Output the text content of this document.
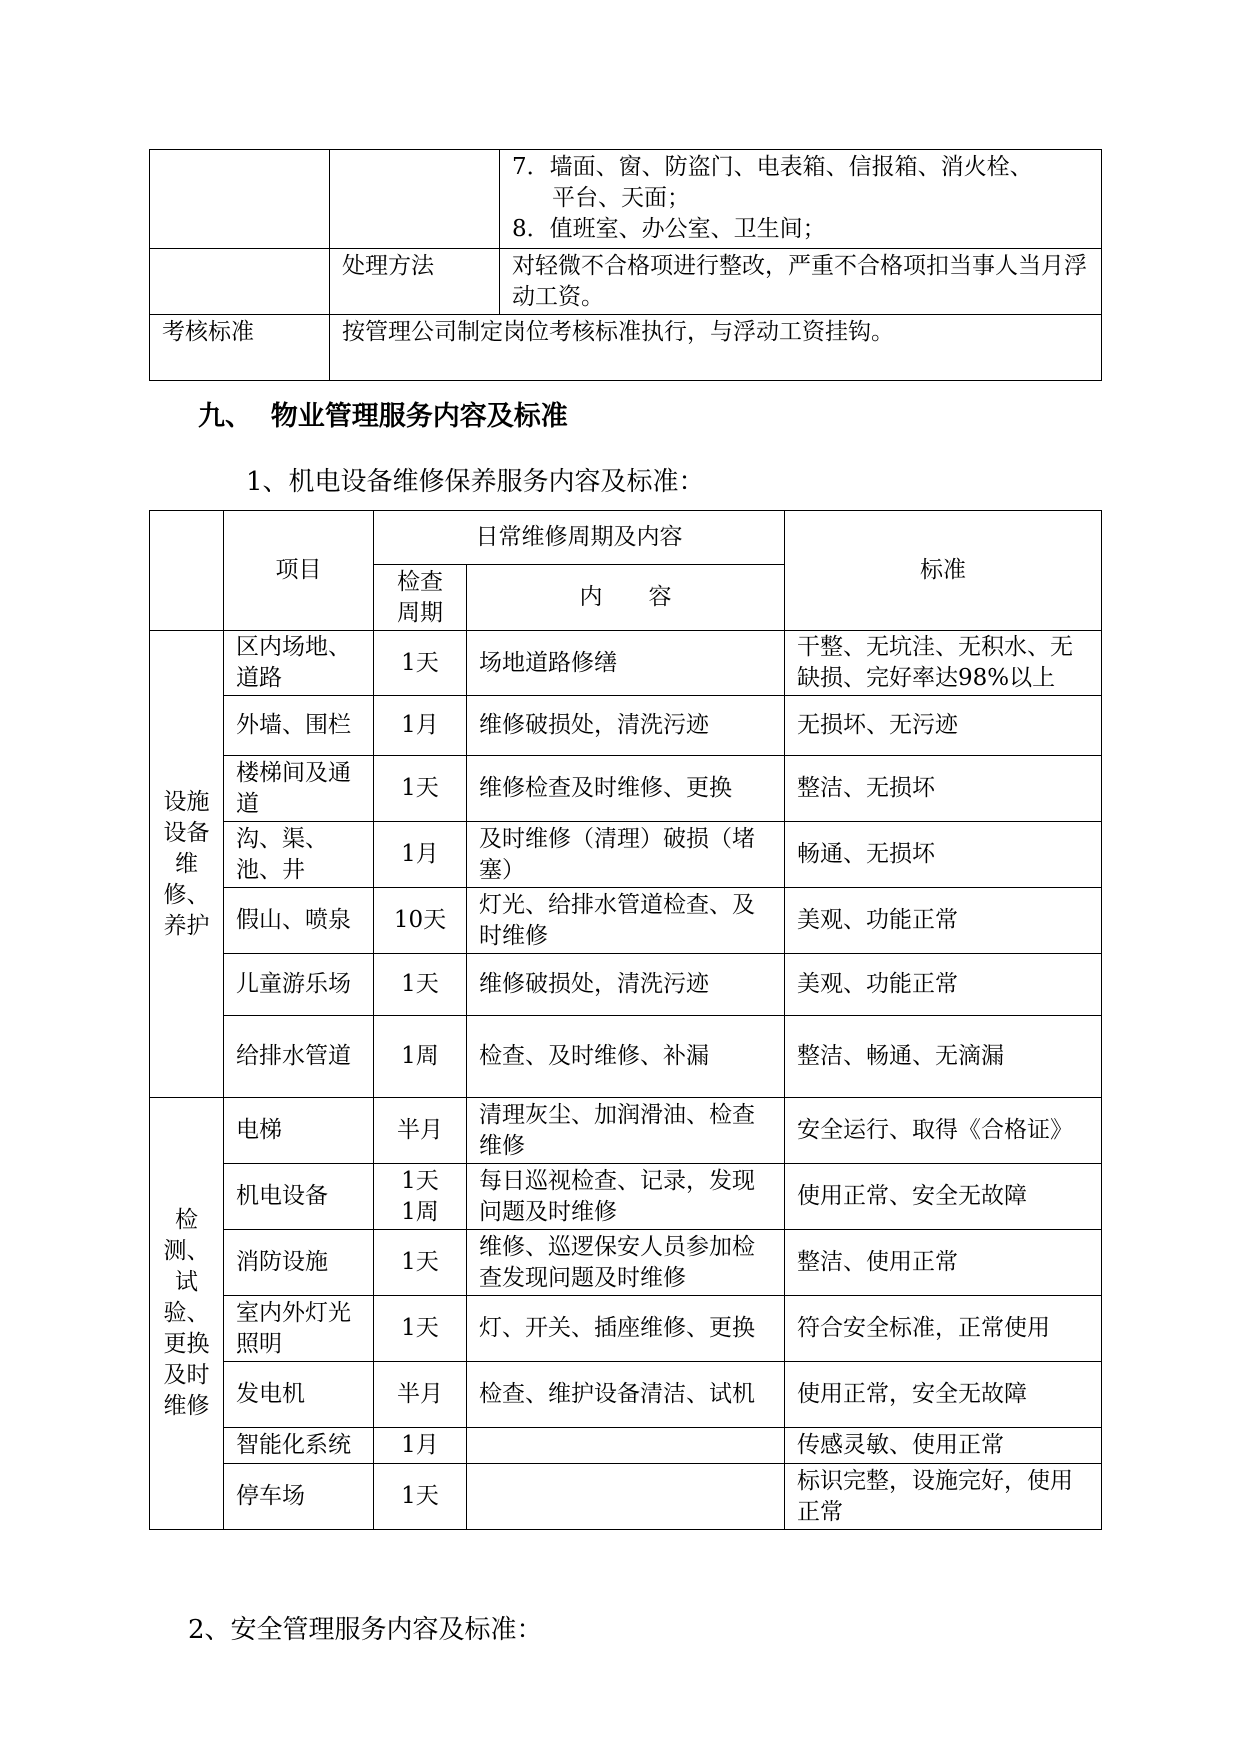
		7．墙面、窗、防盗门、电表箱、信报箱、消火栓、
平台、天面；
8．值班室、办公室、卫生间；

	处理方法	对轻微不合格项进行整改，严重不合格项扣当事人当月浮动工资。
考核标准	按管理公司制定岗位考核标准执行，与浮动工资挂钩。	
九、  物业管理服务内容及标准

1、机电设备维修保养服务内容及标准：

	项目	日常维修周期及内容		标准
		检查周期	内　　容	
设施设备维修、养护	区内场地、道路	1天	场地道路修缮	干整、无坑洼、无积水、无缺损、完好率达98%以上
	外墙、围栏	1月	维修破损处，清洗污迹	无损坏、无污迹
	楼梯间及通道	1天	维修检查及时维修、更换	整洁、无损坏
	沟、渠、池、井	1月	及时维修（清理）破损（堵塞）	畅通、无损坏
	假山、喷泉	10天	灯光、给排水管道检查、及时维修	美观、功能正常
	儿童游乐场	1天	维修破损处，清洗污迹	美观、功能正常
	给排水管道	1周	检查、及时维修、补漏	整洁、畅通、无滴漏
检测、试验、更换及时维修	电梯	半月	清理灰尘、加润滑油、检查维修	安全运行、取得《合格证》
	机电设备	1天 1周	每日巡视检查、记录，发现问题及时维修	使用正常、安全无故障
	消防设施	1天	维修、巡逻保安人员参加检查发现问题及时维修	整洁、使用正常
	室内外灯光照明	1天	灯、开关、插座维修、更换	符合安全标准，正常使用
	发电机	半月	检查、维护设备清洁、试机	使用正常，安全无故障
	智能化系统	1月		传感灵敏、使用正常
	停车场	1天		标识完整，设施完好，使用正常

2、安全管理服务内容及标准：
